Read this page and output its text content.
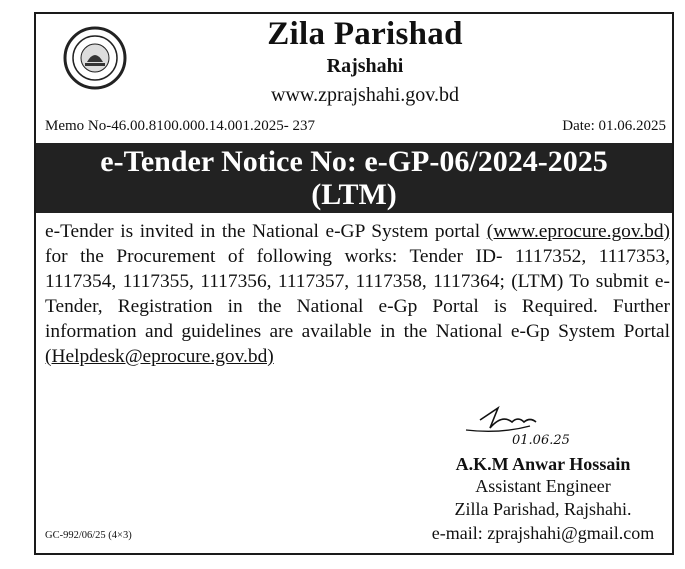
Zila Parishad
Rajshahi
www.zprajshahi.gov.bd
Memo No-46.00.8100.000.14.001.2025- 237	Date: 01.06.2025
e-Tender Notice No: e-GP-06/2024-2025
(LTM)

e-Tender is invited in the National e-GP System portal (www.eprocure.gov.bd) for the Procurement of following works: Tender ID- 1117352, 1117353, 1117354, 1117355, 1117356, 1117357, 1117358, 1117364; (LTM) To submit e-Tender, Registration in the National e-Gp Portal is Required. Further information and guidelines are available in the National e-Gp System Portal

(Helpdesk@eprocure.gov.bd)

01.06.25
A.K.M Anwar Hossain
Assistant Engineer
Zilla Parishad, Rajshahi.
e-mail: zprajshahi@gmail.com
GC-992/06/25 (4×3)
